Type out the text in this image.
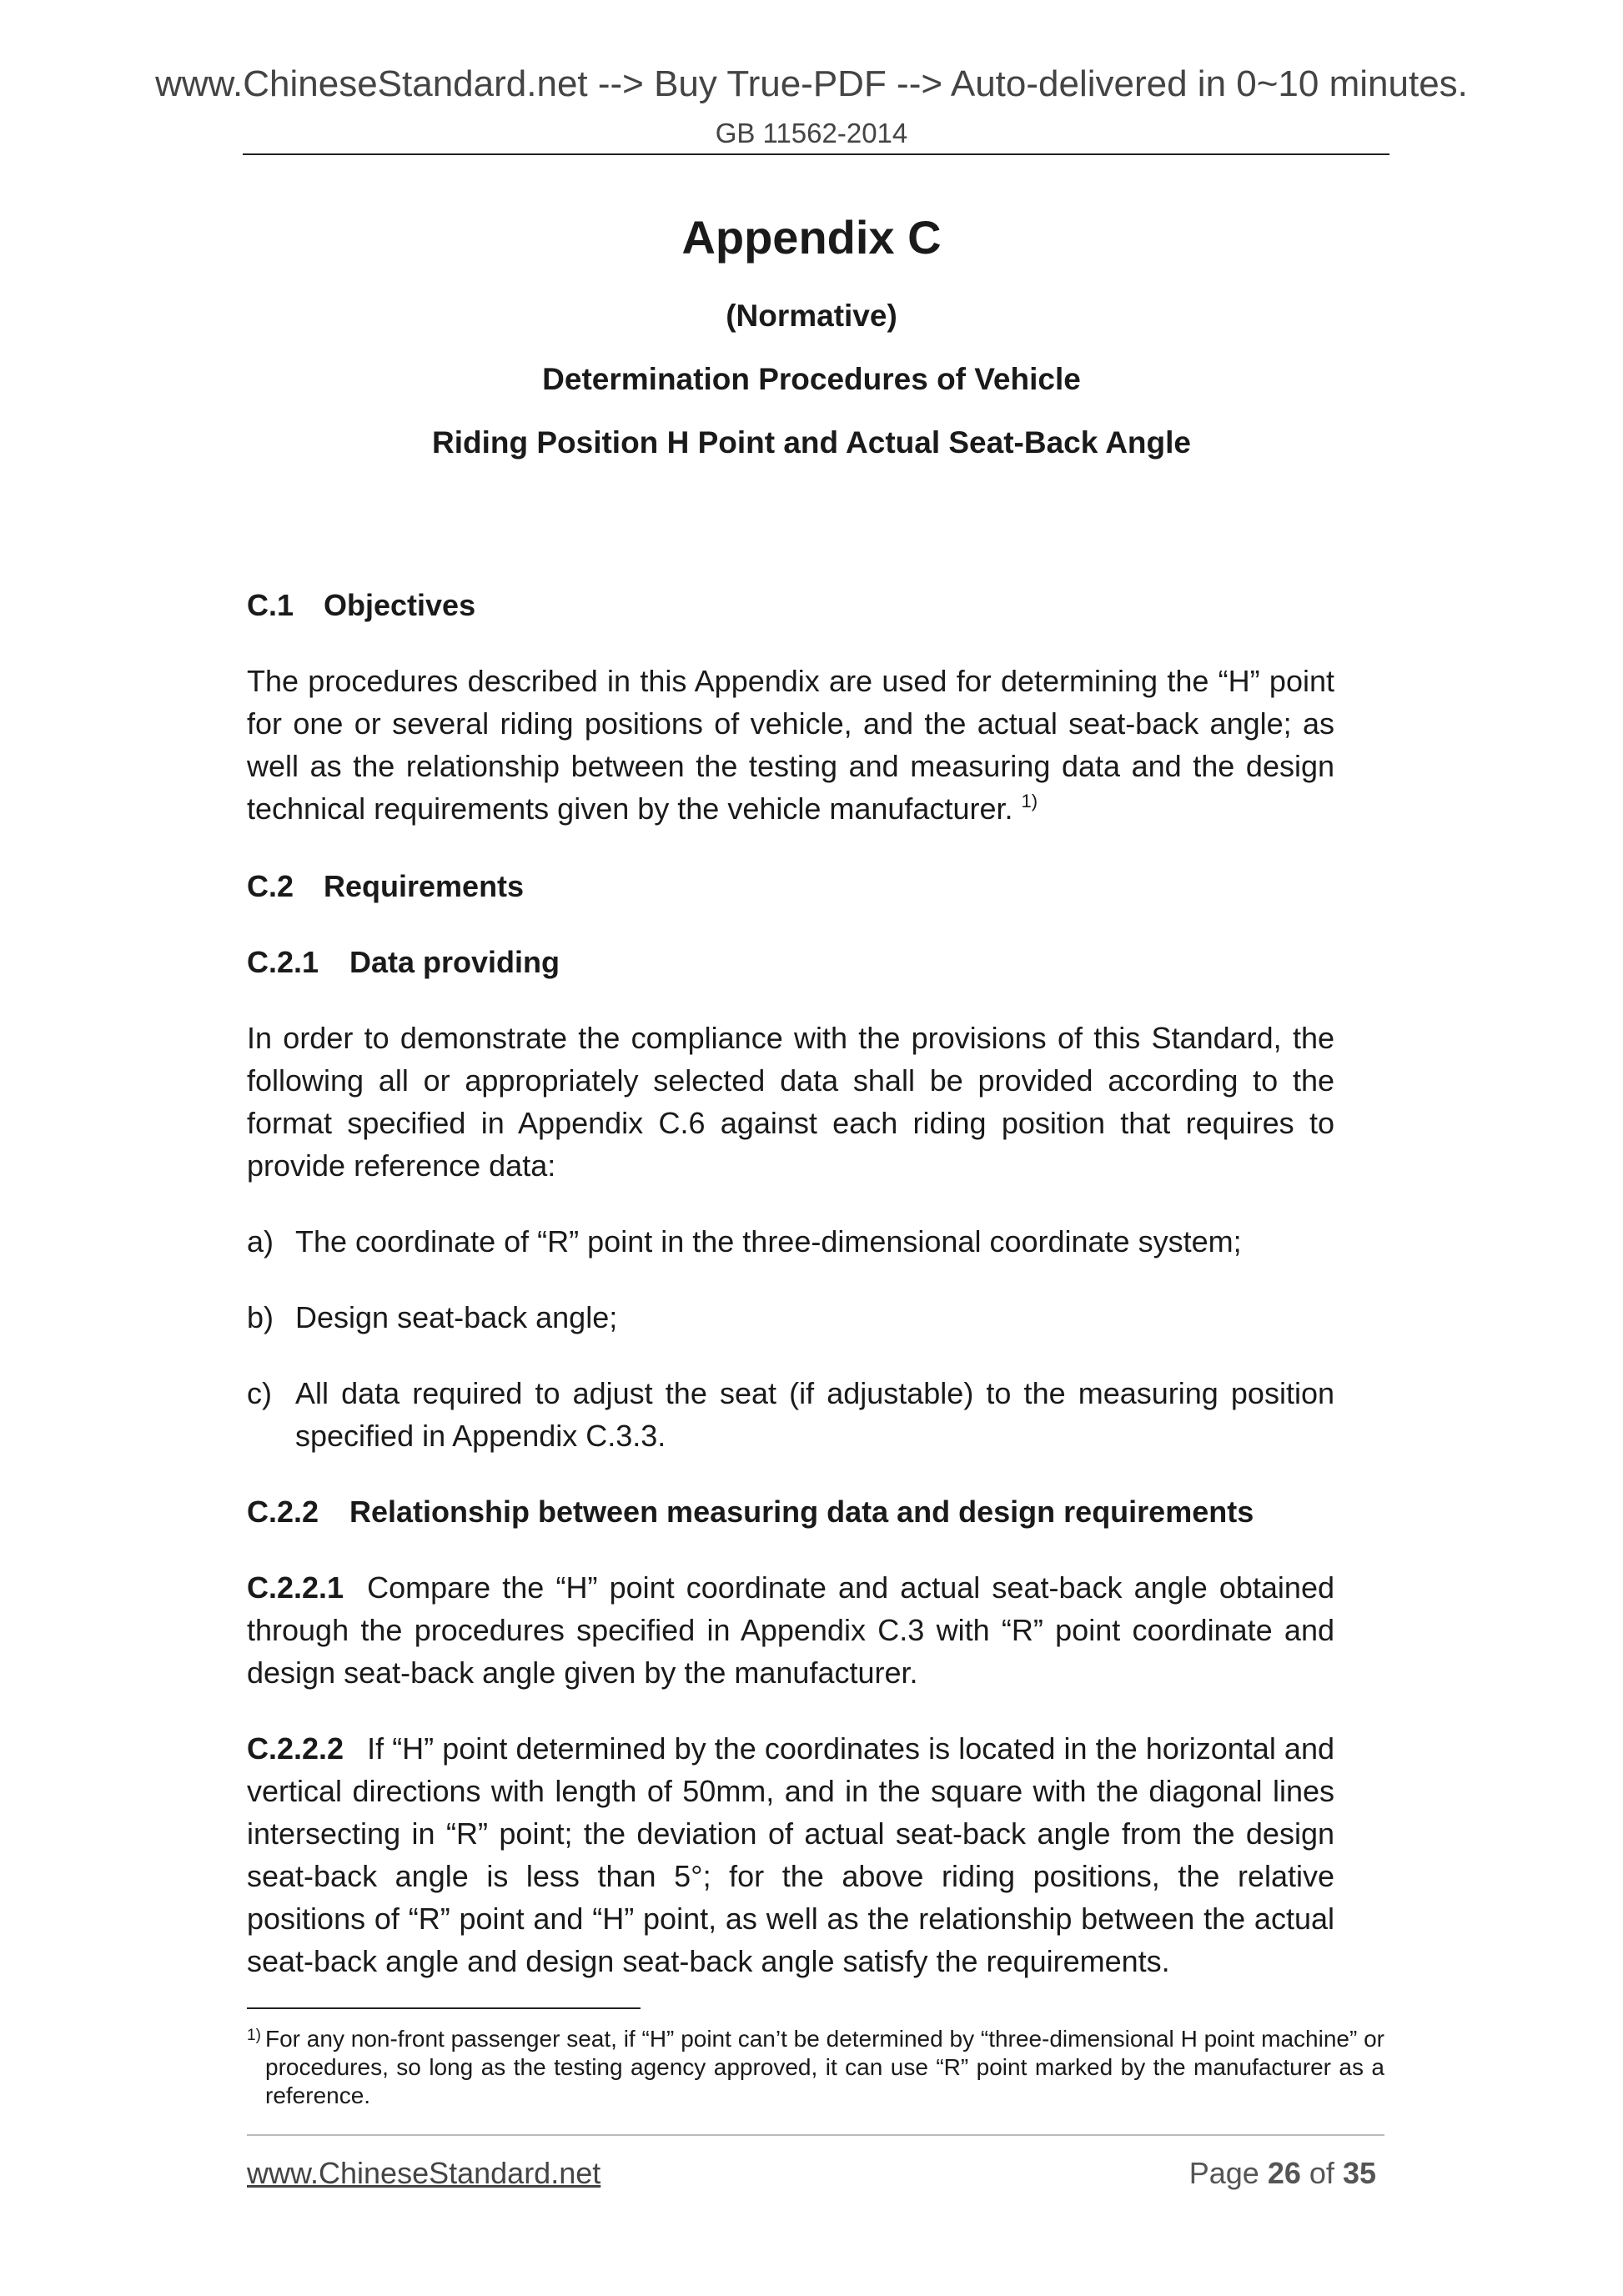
www.ChineseStandard.net --> Buy True-PDF --> Auto-delivered in 0~10 minutes.
GB 11562-2014
Appendix C
(Normative)
Determination Procedures of Vehicle
Riding Position H Point and Actual Seat-Back Angle
C.1 Objectives
The procedures described in this Appendix are used for determining the “H” point for one or several riding positions of vehicle, and the actual seat-back angle; as well as the relationship between the testing and measuring data and the design technical requirements given by the vehicle manufacturer. $^{1)}$
C.2 Requirements
C.2.1 Data providing
In order to demonstrate the compliance with the provisions of this Standard, the following all or appropriately selected data shall be provided according to the format specified in Appendix C.6 against each riding position that requires to provide reference data:
a) The coordinate of “R” point in the three-dimensional coordinate system;
b) Design seat-back angle;
c) All data required to adjust the seat (if adjustable) to the measuring position specified in Appendix C.3.3.
C.2.2 Relationship between measuring data and design requirements
C.2.2.1 Compare the “H” point coordinate and actual seat-back angle obtained through the procedures specified in Appendix C.3 with “R” point coordinate and design seat-back angle given by the manufacturer.
C.2.2.2 If “H” point determined by the coordinates is located in the horizontal and vertical directions with length of 50mm, and in the square with the diagonal lines intersecting in “R” point; the deviation of actual seat-back angle from the design seat-back angle is less than 5°; for the above riding positions, the relative positions of “R” point and “H” point, as well as the relationship between the actual seat-back angle and design seat-back angle satisfy the requirements.
1) For any non-front passenger seat, if “H” point can’t be determined by “three-dimensional H point machine” or procedures, so long as the testing agency approved, it can use “R” point marked by the manufacturer as a reference.
www.ChineseStandard.net	Page 26 of 35
